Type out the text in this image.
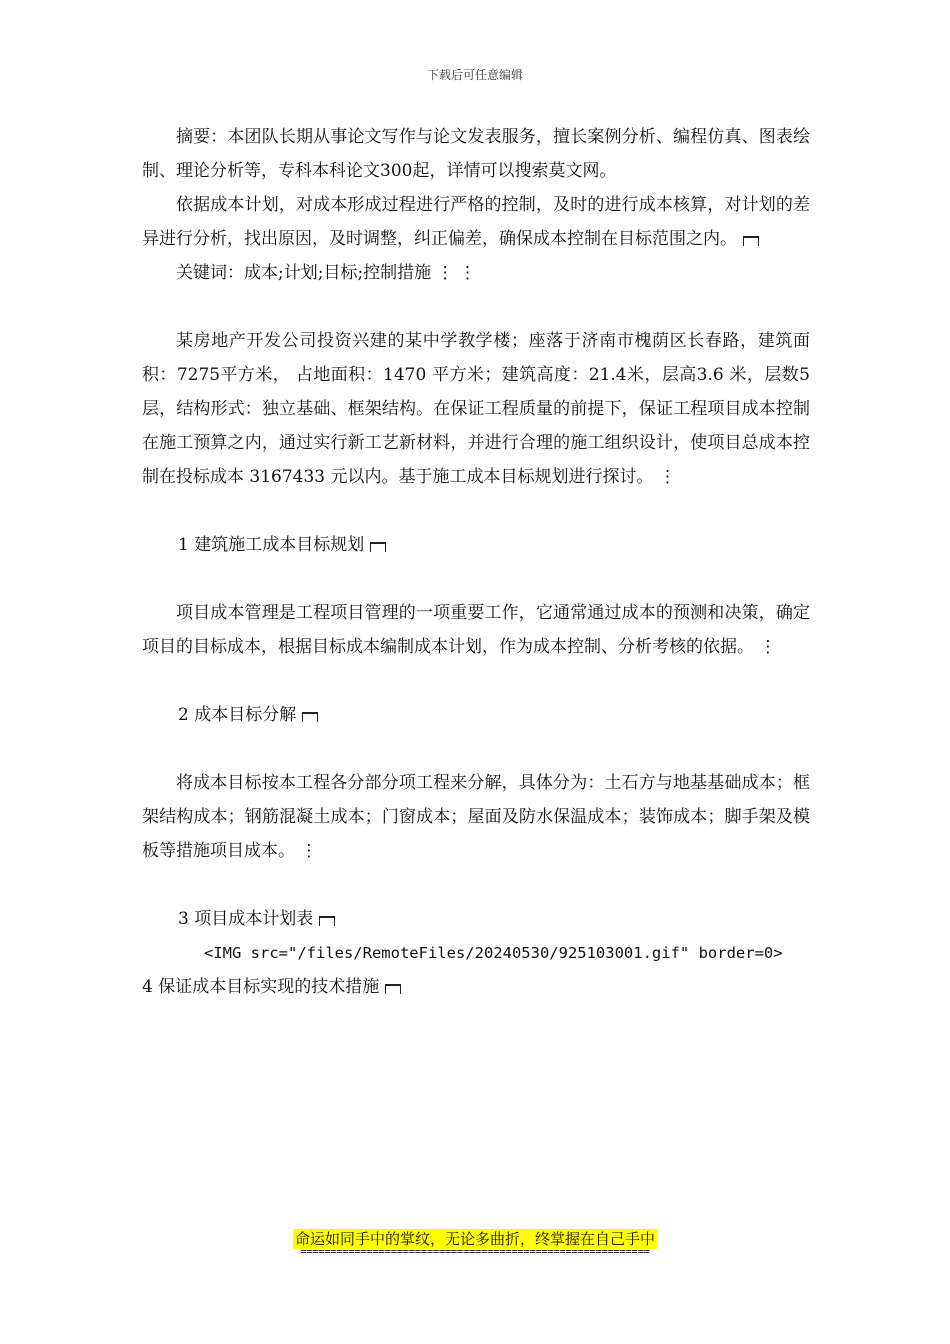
下载后可任意编辑

摘要：本团队长期从事论文写作与论文发表服务，擅长案例分析、编程仿真、图表绘制、理论分析等，专科本科论文300起，详情可以搜索莫文网。

依据成本计划，对成本形成过程进行严格的控制，及时的进行成本核算，对计划的差异进行分析，找出原因，及时调整，纠正偏差，确保成本控制在目标范围之内。

关键词：成本;计划;目标;控制措施 ⋮ ⋮

某房地产开发公司投资兴建的某中学教学楼；座落于济南市槐荫区长春路，建筑面积：7275平方米， 占地面积：1470 平方米；建筑高度：21.4米，层高3.6 米，层数5层，结构形式：独立基础、框架结构。在保证工程质量的前提下，保证工程项目成本控制在施工预算之内，通过实行新工艺新材料，并进行合理的施工组织设计，使项目总成本控制在投标成本 3167433 元以内。基于施工成本目标规划进行探讨。 ⋮

1 建筑施工成本目标规划

项目成本管理是工程项目管理的一项重要工作，它通常通过成本的预测和决策，确定项目的目标成本，根据目标成本编制成本计划，作为成本控制、分析考核的依据。 ⋮

2 成本目标分解

将成本目标按本工程各分部分项工程来分解，具体分为：土石方与地基基础成本；框架结构成本；钢筋混凝土成本；门窗成本；屋面及防水保温成本；装饰成本；脚手架及模板等措施项目成本。 ⋮

3 项目成本计划表

<IMG src="/files/RemoteFiles/20240530/925103001.gif" border=0>

4 保证成本目标实现的技术措施

命运如同手中的掌纹，无论多曲折，终掌握在自己手中
==========================================================
